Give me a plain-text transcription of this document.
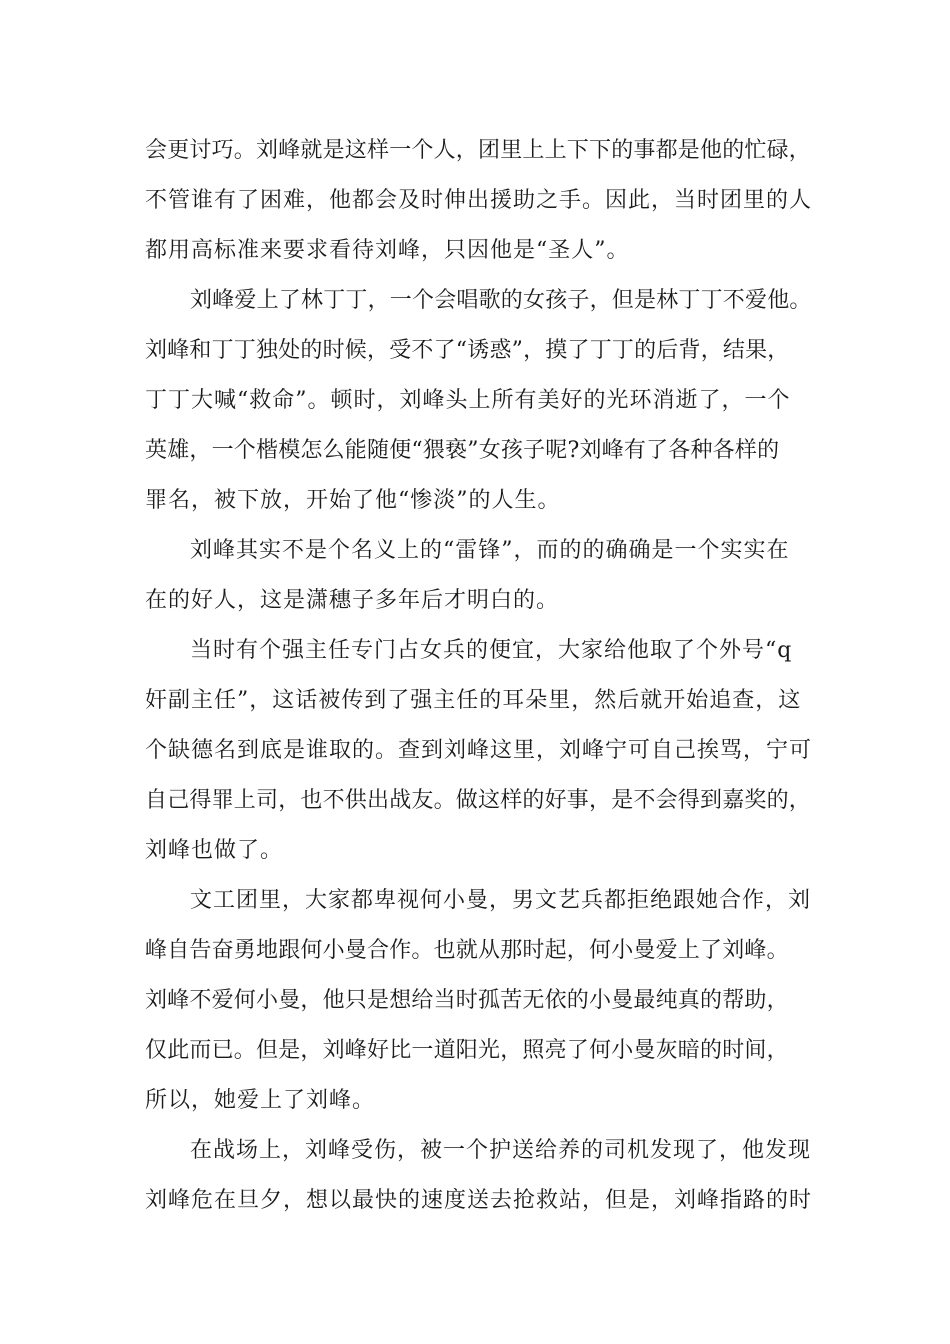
会更讨巧。刘峰就是这样一个人，团里上上下下的事都是他的忙碌，
不管谁有了困难，他都会及时伸出援助之手。因此，当时团里的人
都用高标准来要求看待刘峰，只因他是“圣人”。
刘峰爱上了林丁丁，一个会唱歌的女孩子，但是林丁丁不爱他。
刘峰和丁丁独处的时候，受不了“诱惑”，摸了丁丁的后背，结果，
丁丁大喊“救命”。顿时，刘峰头上所有美好的光环消逝了，一个
英雄，一个楷模怎么能随便“猥亵”女孩子呢?刘峰有了各种各样的
罪名，被下放，开始了他“惨淡”的人生。
刘峰其实不是个名义上的“雷锋”，而的的确确是一个实实在
在的好人，这是潇穗子多年后才明白的。
当时有个强主任专门占女兵的便宜，大家给他取了个外号“q
奸副主任”，这话被传到了强主任的耳朵里，然后就开始追查，这
个缺德名到底是谁取的。查到刘峰这里，刘峰宁可自己挨骂，宁可
自己得罪上司，也不供出战友。做这样的好事，是不会得到嘉奖的，
刘峰也做了。
文工团里，大家都卑视何小曼，男文艺兵都拒绝跟她合作，刘
峰自告奋勇地跟何小曼合作。也就从那时起，何小曼爱上了刘峰。
刘峰不爱何小曼，他只是想给当时孤苦无依的小曼最纯真的帮助，
仅此而已。但是，刘峰好比一道阳光，照亮了何小曼灰暗的时间，
所以，她爱上了刘峰。
在战场上，刘峰受伤，被一个护送给养的司机发现了，他发现
刘峰危在旦夕，想以最快的速度送去抢救站，但是，刘峰指路的时
